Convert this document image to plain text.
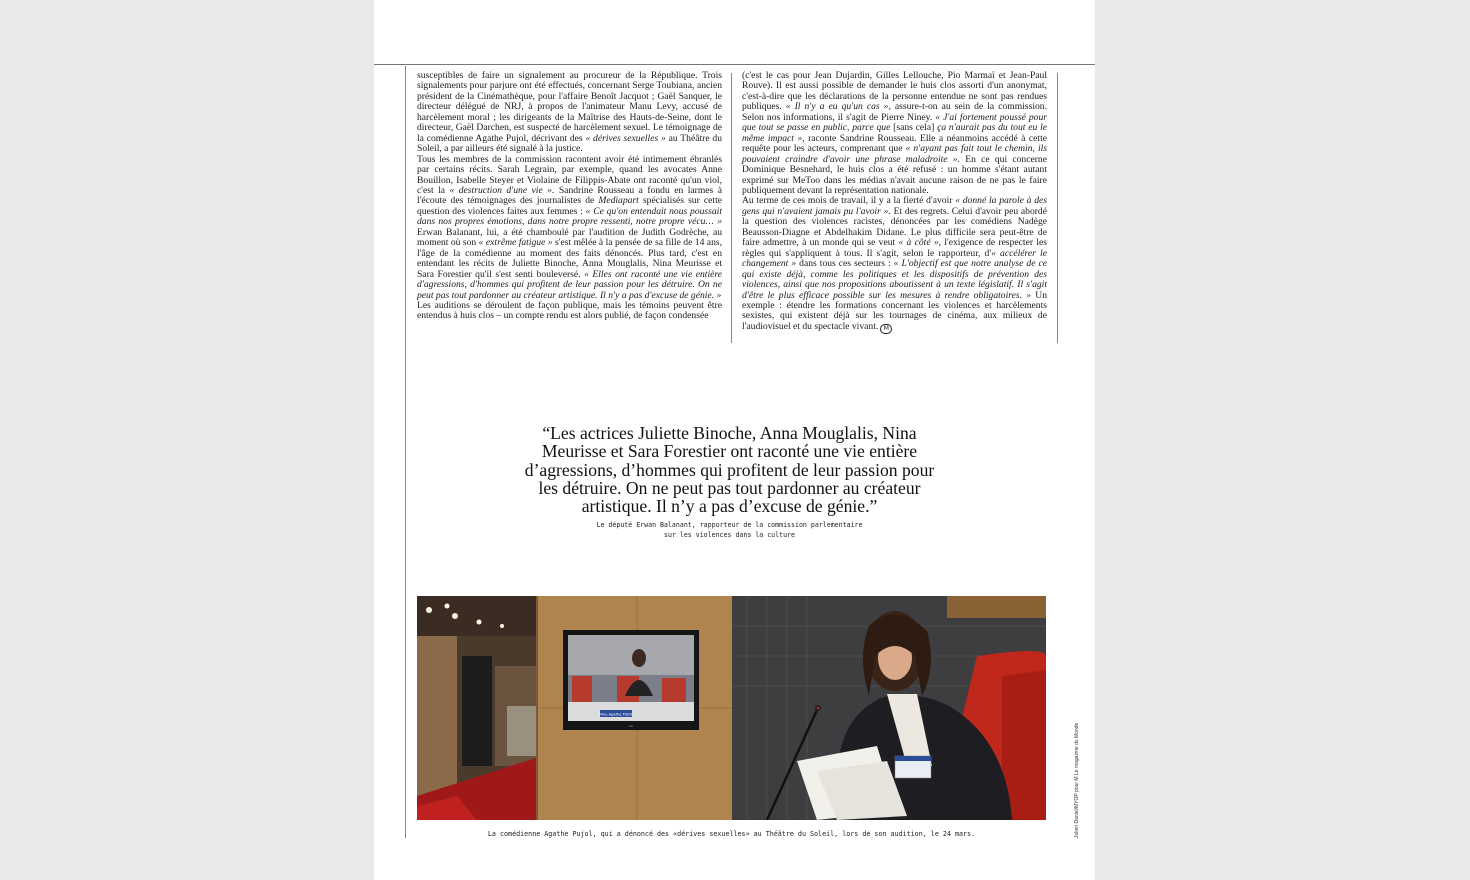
susceptibles de faire un signalement au procureur de la République. Trois signalements pour parjure ont été effectués, concernant Serge Toubiana, ancien président de la Cinémathèque, pour l'affaire Benoît Jacquot ; Gaël Sanquer, le directeur délégué de NRJ, à propos de l'animateur Manu Levy, accusé de harcèlement moral ; les dirigeants de la Maîtrise des Hauts-de-Seine, dont le directeur, Gaël Darchen, est suspecté de harcèlement sexuel. Le témoignage de la comédienne Agathe Pujol, décrivant des « dérives sexuelles » au Théâtre du Soleil, a par ailleurs été signalé à la justice.
Tous les membres de la commission racontent avoir été intimement ébranlés par certains récits. Sarah Legrain, par exemple, quand les avocates Anne Bouillon, Isabelle Steyer et Violaine de Filippis-Abate ont raconté qu'un viol, c'est la « destruction d'une vie ». Sandrine Rousseau a fondu en larmes à l'écoute des témoignages des journalistes de Mediapart spécialisés sur cette question des violences faites aux femmes : « Ce qu'on entendait nous poussait dans nos propres émotions, dans notre propre ressenti, notre propre vécu… » Erwan Balanant, lui, a été chamboulé par l'audition de Judith Godrèche, au moment où son « extrême fatigue » s'est mêlée à la pensée de sa fille de 14 ans, l'âge de la comédienne au moment des faits dénoncés. Plus tard, c'est en entendant les récits de Juliette Binoche, Anna Mouglalis, Nina Meurisse et Sara Forestier qu'il s'est senti bouleversé. « Elles ont raconté une vie entière d'agressions, d'hommes qui profitent de leur passion pour les détruire. On ne peut pas tout pardonner au créateur artistique. Il n'y a pas d'excuse de génie. »
Les auditions se déroulent de façon publique, mais les témoins peuvent être entendus à huis clos – un compte rendu est alors publié, de façon condensée

(c'est le cas pour Jean Dujardin, Gilles Lellouche, Pio Marmaï et Jean-Paul Rouve). Il est aussi possible de demander le huis clos assorti d'un anonymat, c'est-à-dire que les déclarations de la personne entendue ne sont pas rendues publiques. « Il n'y a eu qu'un cas », assure-t-on au sein de la commission. Selon nos informations, il s'agit de Pierre Niney. « J'ai fortement poussé pour que tout se passe en public, parce que [sans cela] ça n'aurait pas du tout eu le même impact », raconte Sandrine Rousseau. Elle a néanmoins accédé à cette requête pour les acteurs, comprenant que « n'ayant pas fait tout le chemin, ils pouvaient craindre d'avoir une phrase maladroite ». En ce qui concerne Dominique Besnehard, le huis clos a été refusé : un homme s'étant autant exprimé sur MeToo dans les médias n'avait aucune raison de ne pas le faire publiquement devant la représentation nationale.
Au terme de ces mois de travail, il y a la fierté d'avoir « donné la parole à des gens qui n'avaient jamais pu l'avoir ». Et des regrets. Celui d'avoir peu abordé la question des violences racistes, dénoncées par les comédiens Nadège Beausson-Diagne et Abdelhakim Didane. Le plus difficile sera peut-être de faire admettre, à un monde qui se veut « à côté », l'exigence de respecter les règles qui s'appliquent à tous. Il s'agit, selon le rapporteur, d'« accélérer le changement » dans tous ces secteurs : « L'objectif est que notre analyse de ce qui existe déjà, comme les politiques et les dispositifs de prévention des violences, ainsi que nos propositions aboutissent à un texte législatif. Il s'agit d'être le plus efficace possible sur les mesures à rendre obligatoires. » Un exemple : étendre les formations concernant les violences et harcèlements sexistes, qui existent déjà sur les tournages de cinéma, aux milieux de l'audiovisuel et du spectacle vivant. M

“Les actrices Juliette Binoche, Anna Mouglalis, Nina Meurisse et Sara Forestier ont raconté une vie entière d’agressions, d’hommes qui profitent de leur passion pour les détruire. On ne peut pas tout pardonner au créateur artistique. Il n’y a pas d’excuse de génie.”
Le député Erwan Balanant, rapporteur de la commission parlementaire
sur les violences dans la culture
Mme Agathe PUJOL
LG
La comédienne Agathe Pujol, qui a dénoncé des «dérives sexuelles» au Théâtre du Soleil, lors de son audition, le 24 mars.	Julien Daniel/MYOP pour M Le magazine du Monde
